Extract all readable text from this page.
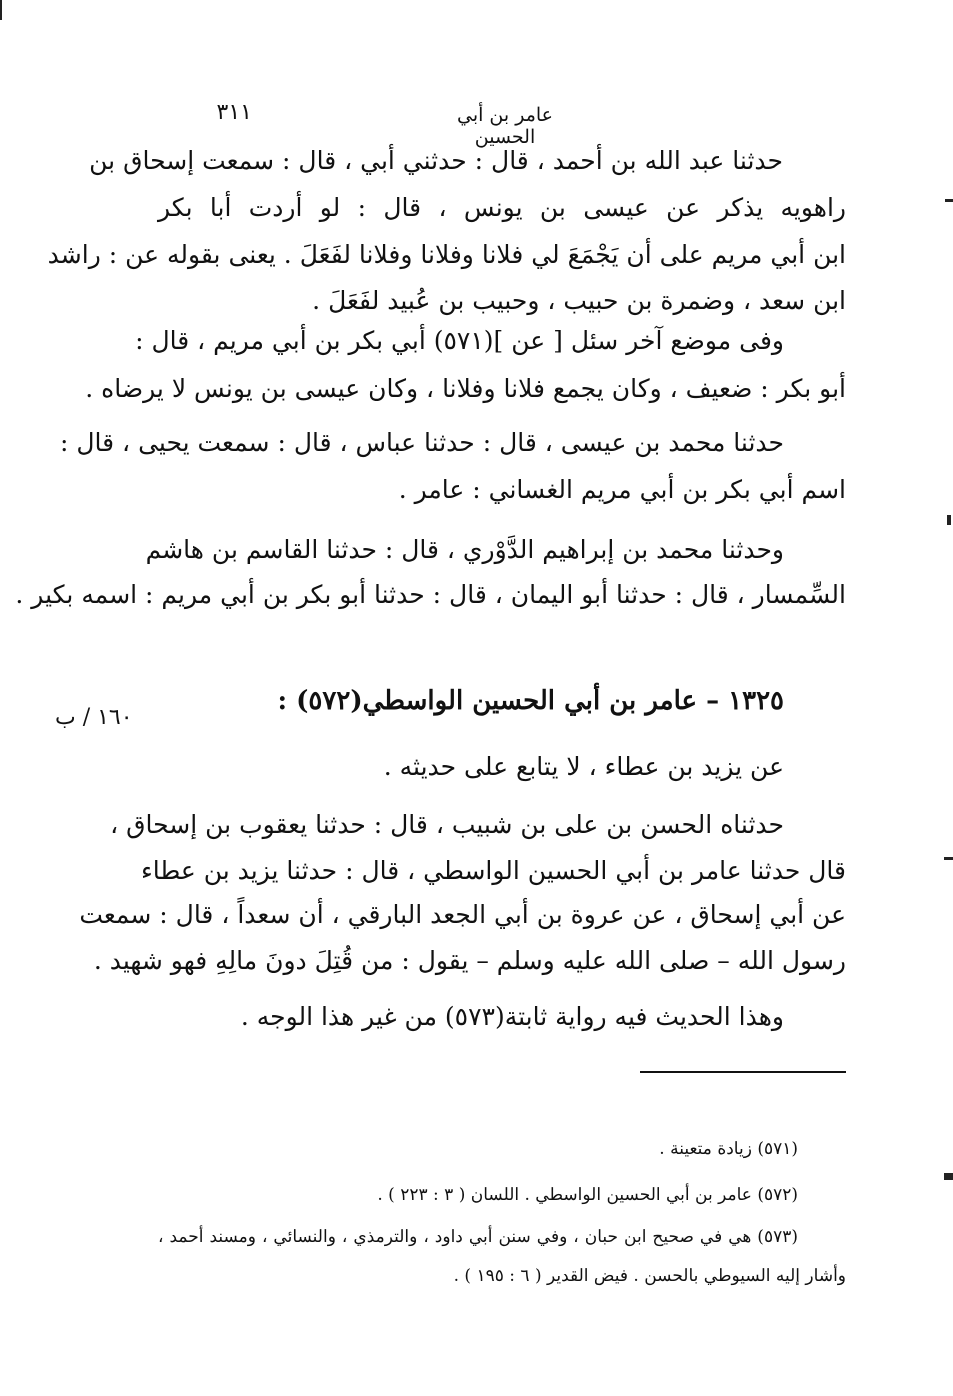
عامر بن أبي الحسين
٣١١
حدثنا عبد الله بن أحمد ، قال : حدثني أبي ، قال : سمعت إسحاق بن
راهويه يذكر عن عيسى بن يونس ، قال : لو أردت أبا بكر
ابن أبي مريم على أن يَجْمَعَ لي فلانا وفلانا وفلانا لفَعَلَ . يعنى بقوله عن : راشد
ابن سعد ، وضمرة بن حبيب ، وحبيب بن عُبيد لفَعَلَ .
وفى موضع آخر سئل [ عن ](٥٧١) أبي بكر بن أبي مريم ، قال :
أبو بكر : ضعيف ، وكان يجمع فلانا وفلانا ، وكان عيسى بن يونس لا يرضاه .
حدثنا محمد بن عيسى ، قال : حدثنا عباس ، قال : سمعت يحيى ، قال :
اسم أبي بكر بن أبي مريم الغساني : عامر .
وحدثنا محمد بن إبراهيم الدَّوْري ، قال : حدثنا القاسم بن هاشم
السِّمسار ، قال : حدثنا أبو اليمان ، قال : حدثنا أبو بكر بن أبي مريم : اسمه بكير .
١٣٢٥ – عامر بن أبي الحسين الواسطي(٥٧٢) :
١٦٠ / ب
عن يزيد بن عطاء ، لا يتابع على حديثه .
حدثناه الحسن بن على بن شبيب ، قال : حدثنا يعقوب بن إسحاق ،
قال حدثنا عامر بن أبي الحسين الواسطي ، قال : حدثنا يزيد بن عطاء
عن أبي إسحاق ، عن عروة بن أبي الجعد البارقي ، أن سعداً ، قال : سمعت
رسول الله – صلى الله عليه وسلم – يقول : من قُتِلَ دونَ مالِهِ فهو شهيد .
وهذا الحديث فيه رواية ثابتة(٥٧٣) من غير هذا الوجه .
(٥٧١) زيادة متعينة .
(٥٧٢) عامر بن أبي الحسين الواسطي . اللسان ( ٣ : ٢٢٣ ) .
(٥٧٣) هي في صحيح ابن حبان ، وفي سنن أبي داود ، والترمذي ، والنسائي ، ومسند أحمد ،
وأشار إليه السيوطي بالحسن . فيض القدير ( ٦ : ١٩٥ ) .
